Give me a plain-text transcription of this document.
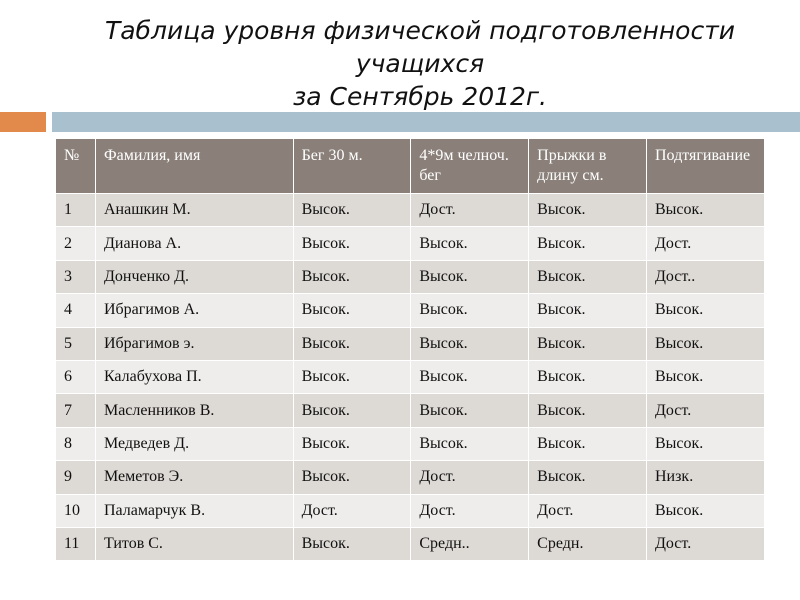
Таблица уровня физической подготовленности
учащихся
за Сентябрь 2012г.
№	Фамилия, имя	Бег 30 м.	4*9м челноч. бег	Прыжки в длину см.	Подтягивание
1	Анашкин М.	Высок.	Дост.	Высок.	Высок.
2	Дианова А.	Высок.	Высок.	Высок.	Дост.
3	Донченко Д.	Высок.	Высок.	Высок.	Дост..
4	Ибрагимов А.	Высок.	Высок.	Высок.	Высок.
5	Ибрагимов э.	Высок.	Высок.	Высок.	Высок.
6	Калабухова П.	Высок.	Высок.	Высок.	Высок.
7	Масленников В.	Высок.	Высок.	Высок.	Дост.
8	Медведев Д.	Высок.	Высок.	Высок.	Высок.
9	Меметов Э.	Высок.	Дост.	Высок.	Низк.
10	Паламарчук В.	Дост.	Дост.	Дост.	Высок.
11	Титов С.	Высок.	Средн..	Средн.	Дост.
